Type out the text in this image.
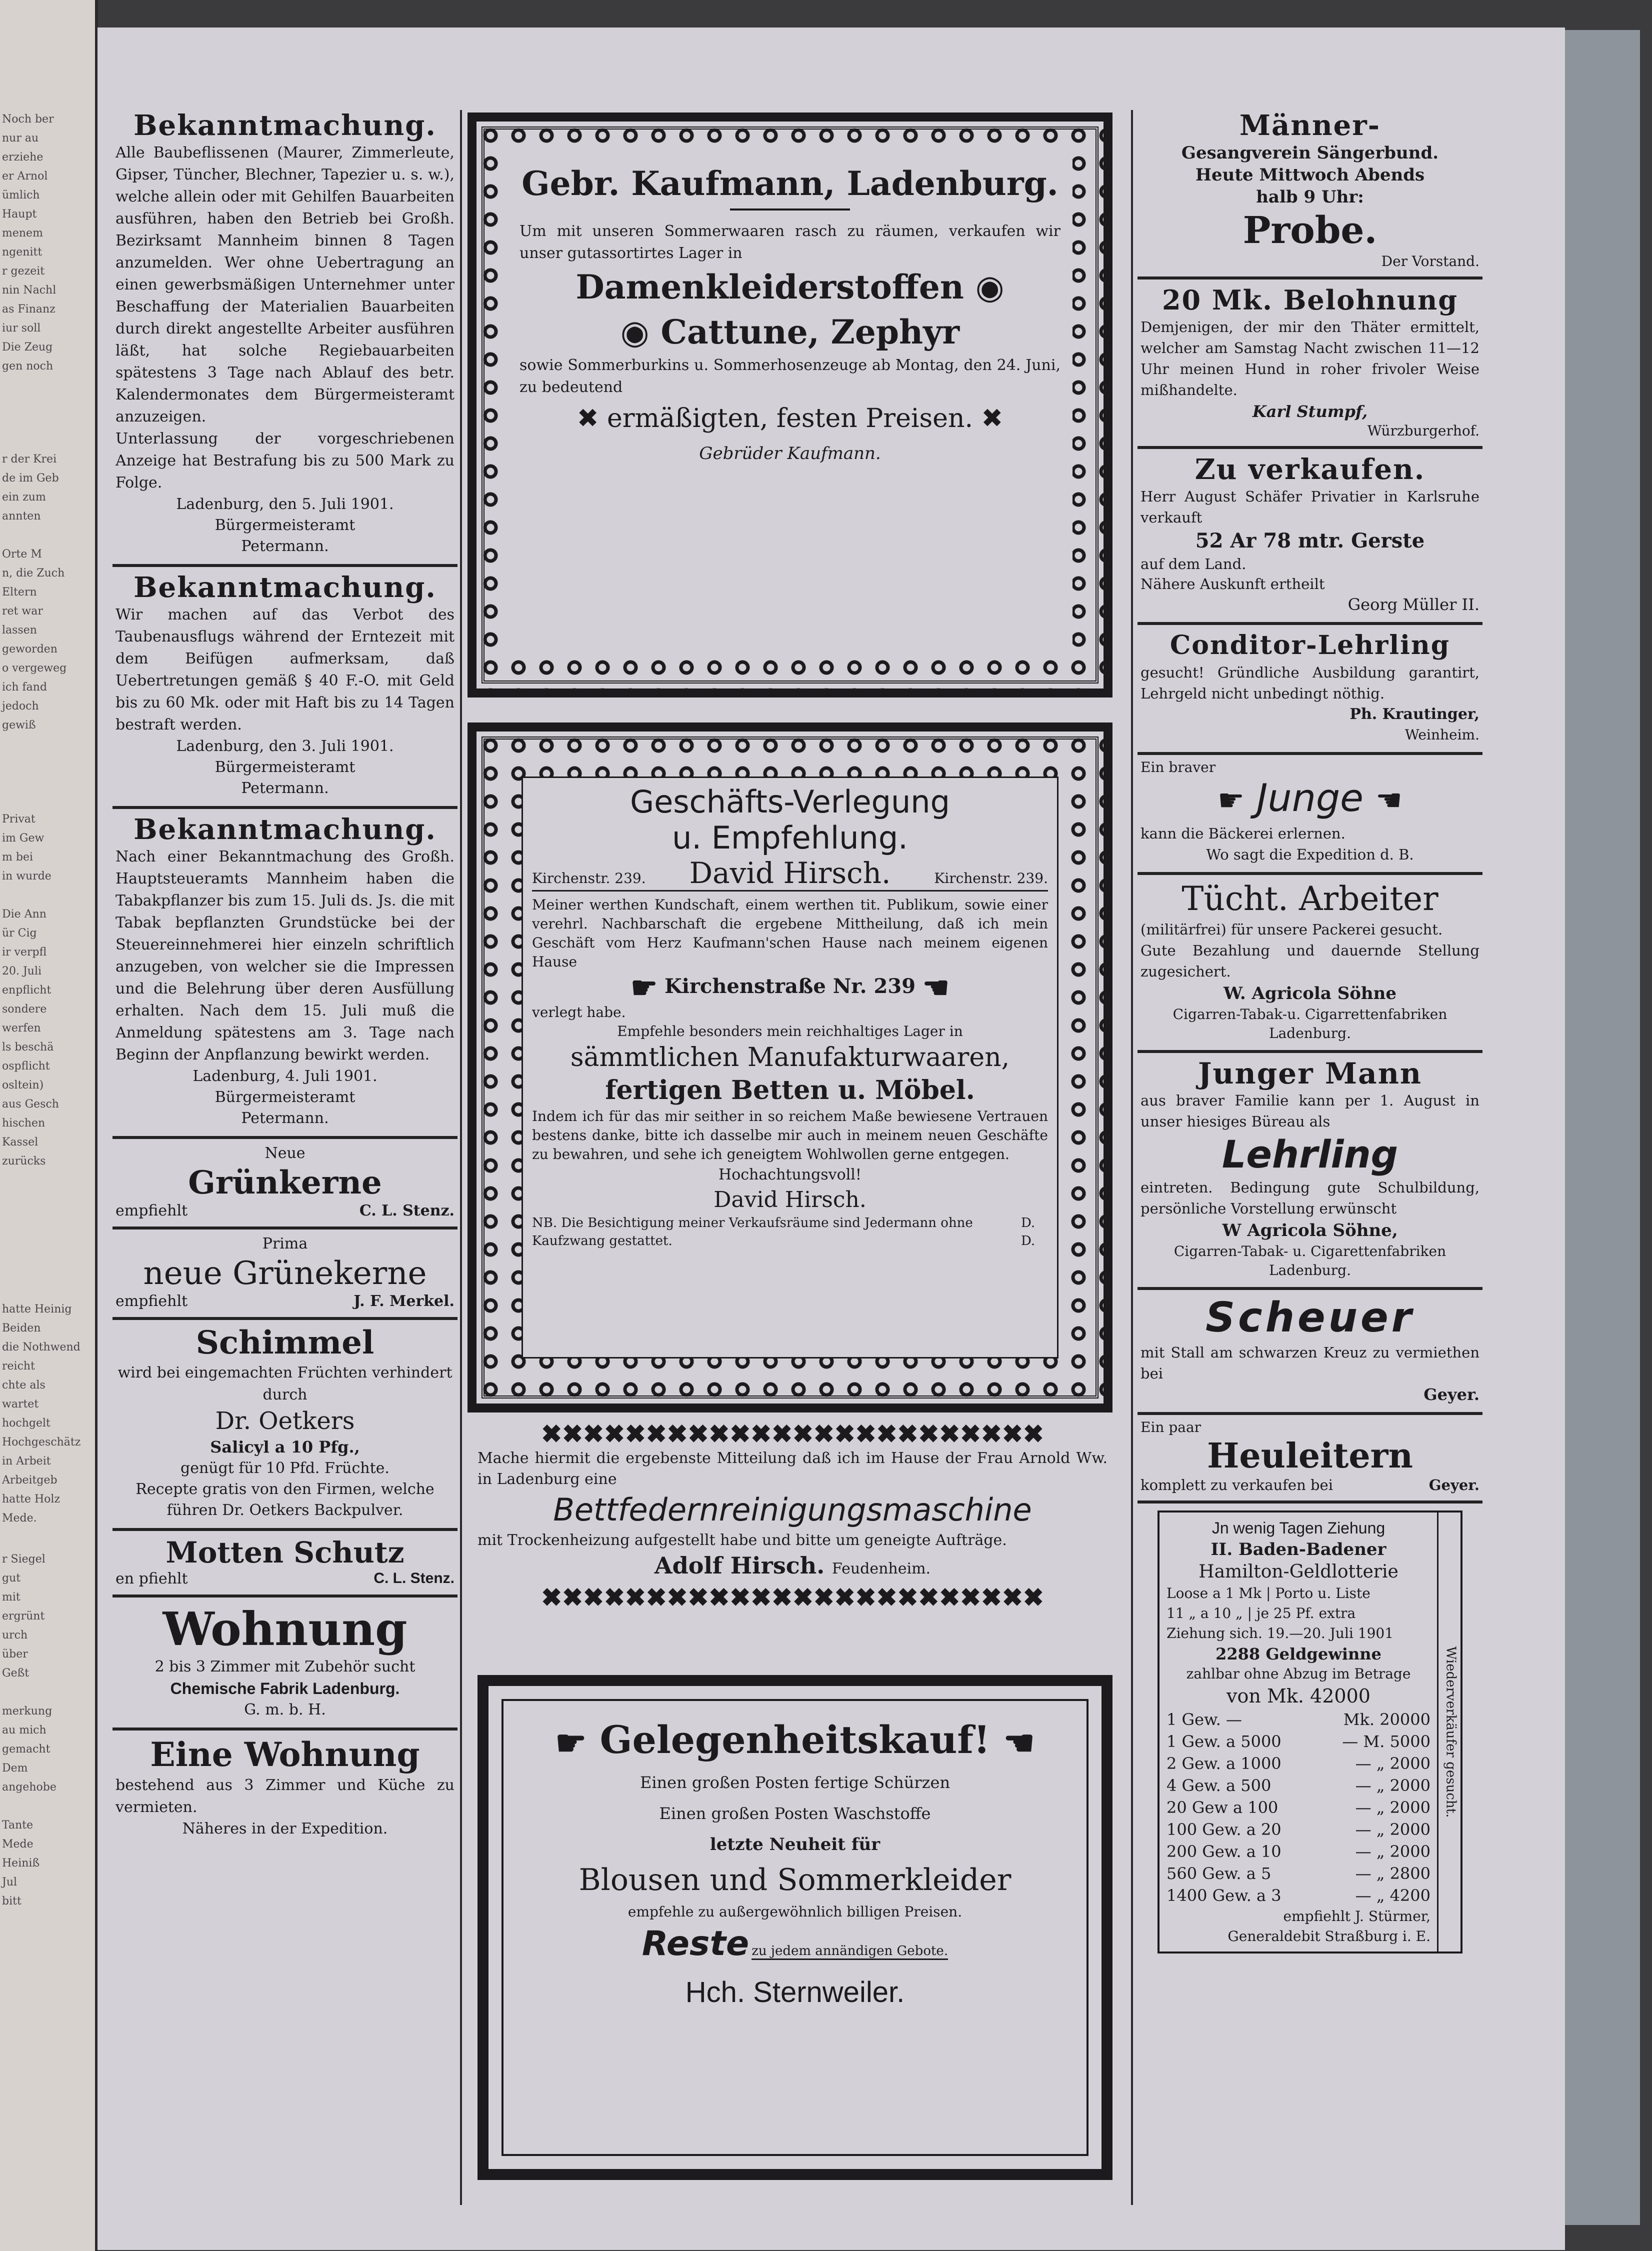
Noch ber
nur au
erziehe
er Arnol
ümlich
Haupt
menem
ngenitt
r gezeit
nin Nachl
as Finanz
iur soll
Die Zeug
gen noch
r der Krei
de im Geb
ein zum
annten

Orte M
n, die Zuch
Eltern
ret war
lassen
geworden
o vergeweg
ich fand
jedoch
gewiß
Privat
im Gew
m bei
in wurde

Die Ann
ür Cig
ir verpfl
20. Juli
enpflicht
sondere
werfen
ls beschä
ospflicht
osltein)
aus Gesch
hischen
Kassel
zurücks
hatte Heinig
Beiden
die Nothwend
reicht
chte als
wartet
hochgelt
Hochgeschätz
in Arbeit
Arbeitgeb
hatte Holz
Mede.
r Siegel
gut
mit
ergrünt
urch
über
Geßt

merkung
au mich
gemacht
Dem
angehobe

Tante
Mede
Heiniß
Jul
bitt
Bekanntmachung.
Alle Baubeflissenen (Maurer, Zimmerleute, Gipser, Tüncher, Blechner, Tapezier u. s. w.), welche allein oder mit Gehilfen Bauarbeiten ausführen, haben den Betrieb bei Großh. Bezirksamt Mannheim binnen 8 Tagen anzumelden. Wer ohne Uebertragung an einen gewerbsmäßigen Unternehmer unter Beschaffung der Materialien Bauarbeiten durch direkt angestellte Arbeiter ausführen läßt, hat solche Regiebauarbeiten spätestens 3 Tage nach Ablauf des betr. Kalendermonates dem Bürgermeisteramt anzuzeigen.
Unterlassung der vorgeschriebenen Anzeige hat Bestrafung bis zu 500 Mark zu Folge.
Ladenburg, den 5. Juli 1901.
Bürgermeisteramt
Petermann.
Bekanntmachung.
Wir machen auf das Verbot des Taubenausflugs während der Erntezeit mit dem Beifügen aufmerksam, daß Uebertretungen gemäß § 40 F.-O. mit Geld bis zu 60 Mk. oder mit Haft bis zu 14 Tagen bestraft werden.
Ladenburg, den 3. Juli 1901.
Bürgermeisteramt
Petermann.
Bekanntmachung.
Nach einer Bekanntmachung des Großh. Hauptsteueramts Mannheim haben die Tabakpflanzer bis zum 15. Juli ds. Js. die mit Tabak bepflanzten Grundstücke bei der Steuereinnehmerei hier einzeln schriftlich anzugeben, von welcher sie die Impressen und die Belehrung über deren Ausfüllung erhalten. Nach dem 15. Juli muß die Anmeldung spätestens am 3. Tage nach Beginn der Anpflanzung bewirkt werden.
Ladenburg, 4. Juli 1901.
Bürgermeisteramt
Petermann.
Neue
Grünkerne
empfiehlt	C. L. Stenz.
Prima
neue Grünekerne
empfiehlt	J. F. Merkel.
Schimmel
wird bei eingemachten Früchten verhindert durch
Dr. Oetkers
Salicyl a 10 Pfg.,
genügt für 10 Pfd. Früchte.
Recepte gratis von den Firmen, welche führen Dr. Oetkers Backpulver.
Motten Schutz
en pfiehlt	C. L. Stenz.
Wohnung
2 bis 3 Zimmer mit Zubehör sucht
Chemische Fabrik Ladenburg.
G. m. b. H.
Eine Wohnung
bestehend aus 3 Zimmer und Küche zu vermieten.
Näheres in der Expedition.
Gebr. Kaufmann, Ladenburg.
Um mit unseren Sommerwaaren rasch zu räumen, verkaufen wir unser gutassortirtes Lager in
Damenkleiderstoffen ◉
◉ Cattune, Zephyr
sowie Sommerburkins u. Sommerhosenzeuge ab Montag, den 24. Juni, zu bedeutend
✖ ermäßigten, festen Preisen. ✖
Gebrüder Kaufmann.
Geschäfts-Verlegung
u. Empfehlung.
Kirchenstr. 239. David Hirsch.	Kirchenstr. 239.
Meiner werthen Kundschaft, einem werthen tit. Publikum, sowie einer verehrl. Nachbarschaft die ergebene Mittheilung, daß ich mein Geschäft vom Herz Kaufmann'schen Hause nach meinem eigenen Hause
☛ Kirchenstraße Nr. 239 ☚
verlegt habe.
Empfehle besonders mein reichhaltiges Lager in
sämmtlichen Manufakturwaaren,
fertigen Betten u. Möbel.
Indem ich für das mir seither in so reichem Maße bewiesene Vertrauen bestens danke, bitte ich dasselbe mir auch in meinem neuen Geschäfte zu bewahren, und sehe ich geneigtem Wohlwollen gerne entgegen.
Hochachtungsvoll!
David Hirsch.
NB. Die Besichtigung meiner Verkaufsräume sind Jedermann ohne Kaufzwang gestattet.
D. D.
✖✖✖✖✖✖✖✖✖✖✖✖✖✖✖✖✖✖✖✖✖✖✖✖
Mache hiermit die ergebenste Mitteilung daß ich im Hause der Frau Arnold Ww. in Ladenburg eine
Bettfedernreinigungsmaschine
mit Trockenheizung aufgestellt habe und bitte um geneigte Aufträge.
Adolf Hirsch. Feudenheim.
✖✖✖✖✖✖✖✖✖✖✖✖✖✖✖✖✖✖✖✖✖✖✖✖
☛ Gelegenheitskauf! ☚
Einen großen Posten fertige Schürzen
Einen großen Posten Waschstoffe
letzte Neuheit für
Blousen und Sommerkleider
empfehle zu außergewöhnlich billigen Preisen.
Reste zu jedem annändigen Gebote.
Hch. Sternweiler.
Männer-
Gesangverein Sängerbund.
Heute Mittwoch Abends
halb 9 Uhr:
Probe.
Der Vorstand.
20 Mk. Belohnung
Demjenigen, der mir den Thäter ermittelt, welcher am Samstag Nacht zwischen 11—12 Uhr meinen Hund in roher frivoler Weise mißhandelte.
Karl Stumpf,
Würzburgerhof.
Zu verkaufen.
Herr August Schäfer Privatier in Karlsruhe verkauft
52 Ar 78 mtr. Gerste
auf dem Land.
Nähere Auskunft ertheilt
Georg Müller II.
Conditor-Lehrling
gesucht! Gründliche Ausbildung garantirt, Lehrgeld nicht unbedingt nöthig.
Ph. Krautinger,
Weinheim.
Ein braver
☛ Junge ☚
kann die Bäckerei erlernen.
Wo sagt die Expedition d. B.
Tücht. Arbeiter
(militärfrei) für unsere Packerei gesucht.
Gute Bezahlung und dauernde Stellung zugesichert.
W. Agricola Söhne
Cigarren-Tabak-u. Cigarrettenfabriken
Ladenburg.
Junger Mann
aus braver Familie kann per 1. August in unser hiesiges Büreau als
Lehrling
eintreten. Bedingung gute Schulbildung, persönliche Vorstellung erwünscht
W Agricola Söhne,
Cigarren-Tabak- u. Cigarettenfabriken
Ladenburg.
Scheuer
mit Stall am schwarzen Kreuz zu vermiethen bei
Geyer.
Ein paar
Heuleitern
komplett zu verkaufen bei	Geyer.
Jn wenig Tagen Ziehung
II. Baden-Badener
Hamilton-Geldlotterie
Loose a 1 Mk | Porto u. Liste
11 „ a 10 „ | je 25 Pf. extra
Ziehung sich. 19.—20. Juli 1901
2288 Geldgewinne
zahlbar ohne Abzug im Betrage
von Mk. 42000
1 Gew. —	Mk. 20000
1 Gew. a 5000	— M. 5000
2 Gew. a 1000	— „ 2000
4 Gew. a 500	— „ 2000
20 Gew a 100	— „ 2000
100 Gew. a 20	— „ 2000
200 Gew. a 10	— „ 2000
560 Gew. a 5	— „ 2800
1400 Gew. a 3	— „ 4200
empfiehlt J. Stürmer,
Generaldebit Straßburg i. E.
Wiederverkäufer gesucht.
